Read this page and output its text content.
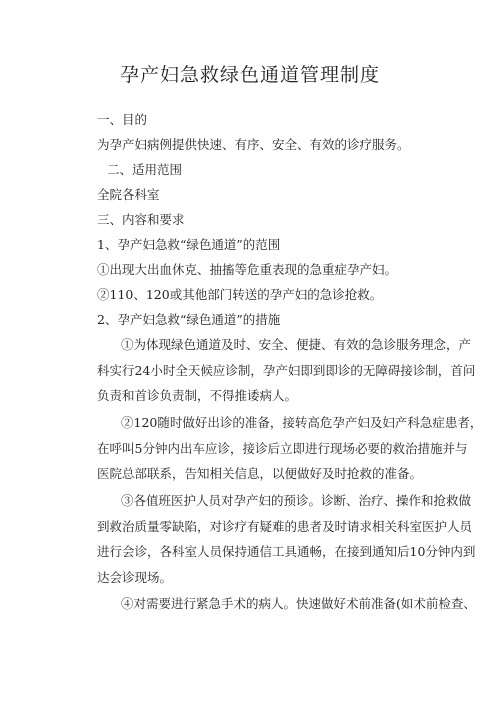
孕产妇急救绿色通道管理制度
一、目的
为孕产妇病例提供快速、有序、安全、有效的诊疗服务。
二、适用范围
全院各科室
三、内容和要求
1、孕产妇急救“绿色通道”的范围
①出现大出血休克、抽搐等危重表现的急重症孕产妇。
②110、120或其他部门转送的孕产妇的急诊抢救。
2、孕产妇急救“绿色通道”的措施
①为体现绿色通道及时、安全、便捷、有效的急诊服务理念，产
科实行24小时全天候应诊制，孕产妇即到即诊的无障碍接诊制，首问
负责和首诊负责制，不得推诿病人。
②120随时做好出诊的准备，接转高危孕产妇及妇产科急症患者，
在呼叫5分钟内出车应诊，接诊后立即进行现场必要的救治措施并与
医院总部联系，告知相关信息，以便做好及时抢救的准备。
③各值班医护人员对孕产妇的预诊。诊断、治疗、操作和抢救做
到救治质量零缺陷，对诊疗有疑难的患者及时请求相关科室医护人员
进行会诊，各科室人员保持通信工具通畅，在接到通知后10分钟内到
达会诊现场。
④对需要进行紧急手术的病人。快速做好术前准备(如术前检查、
